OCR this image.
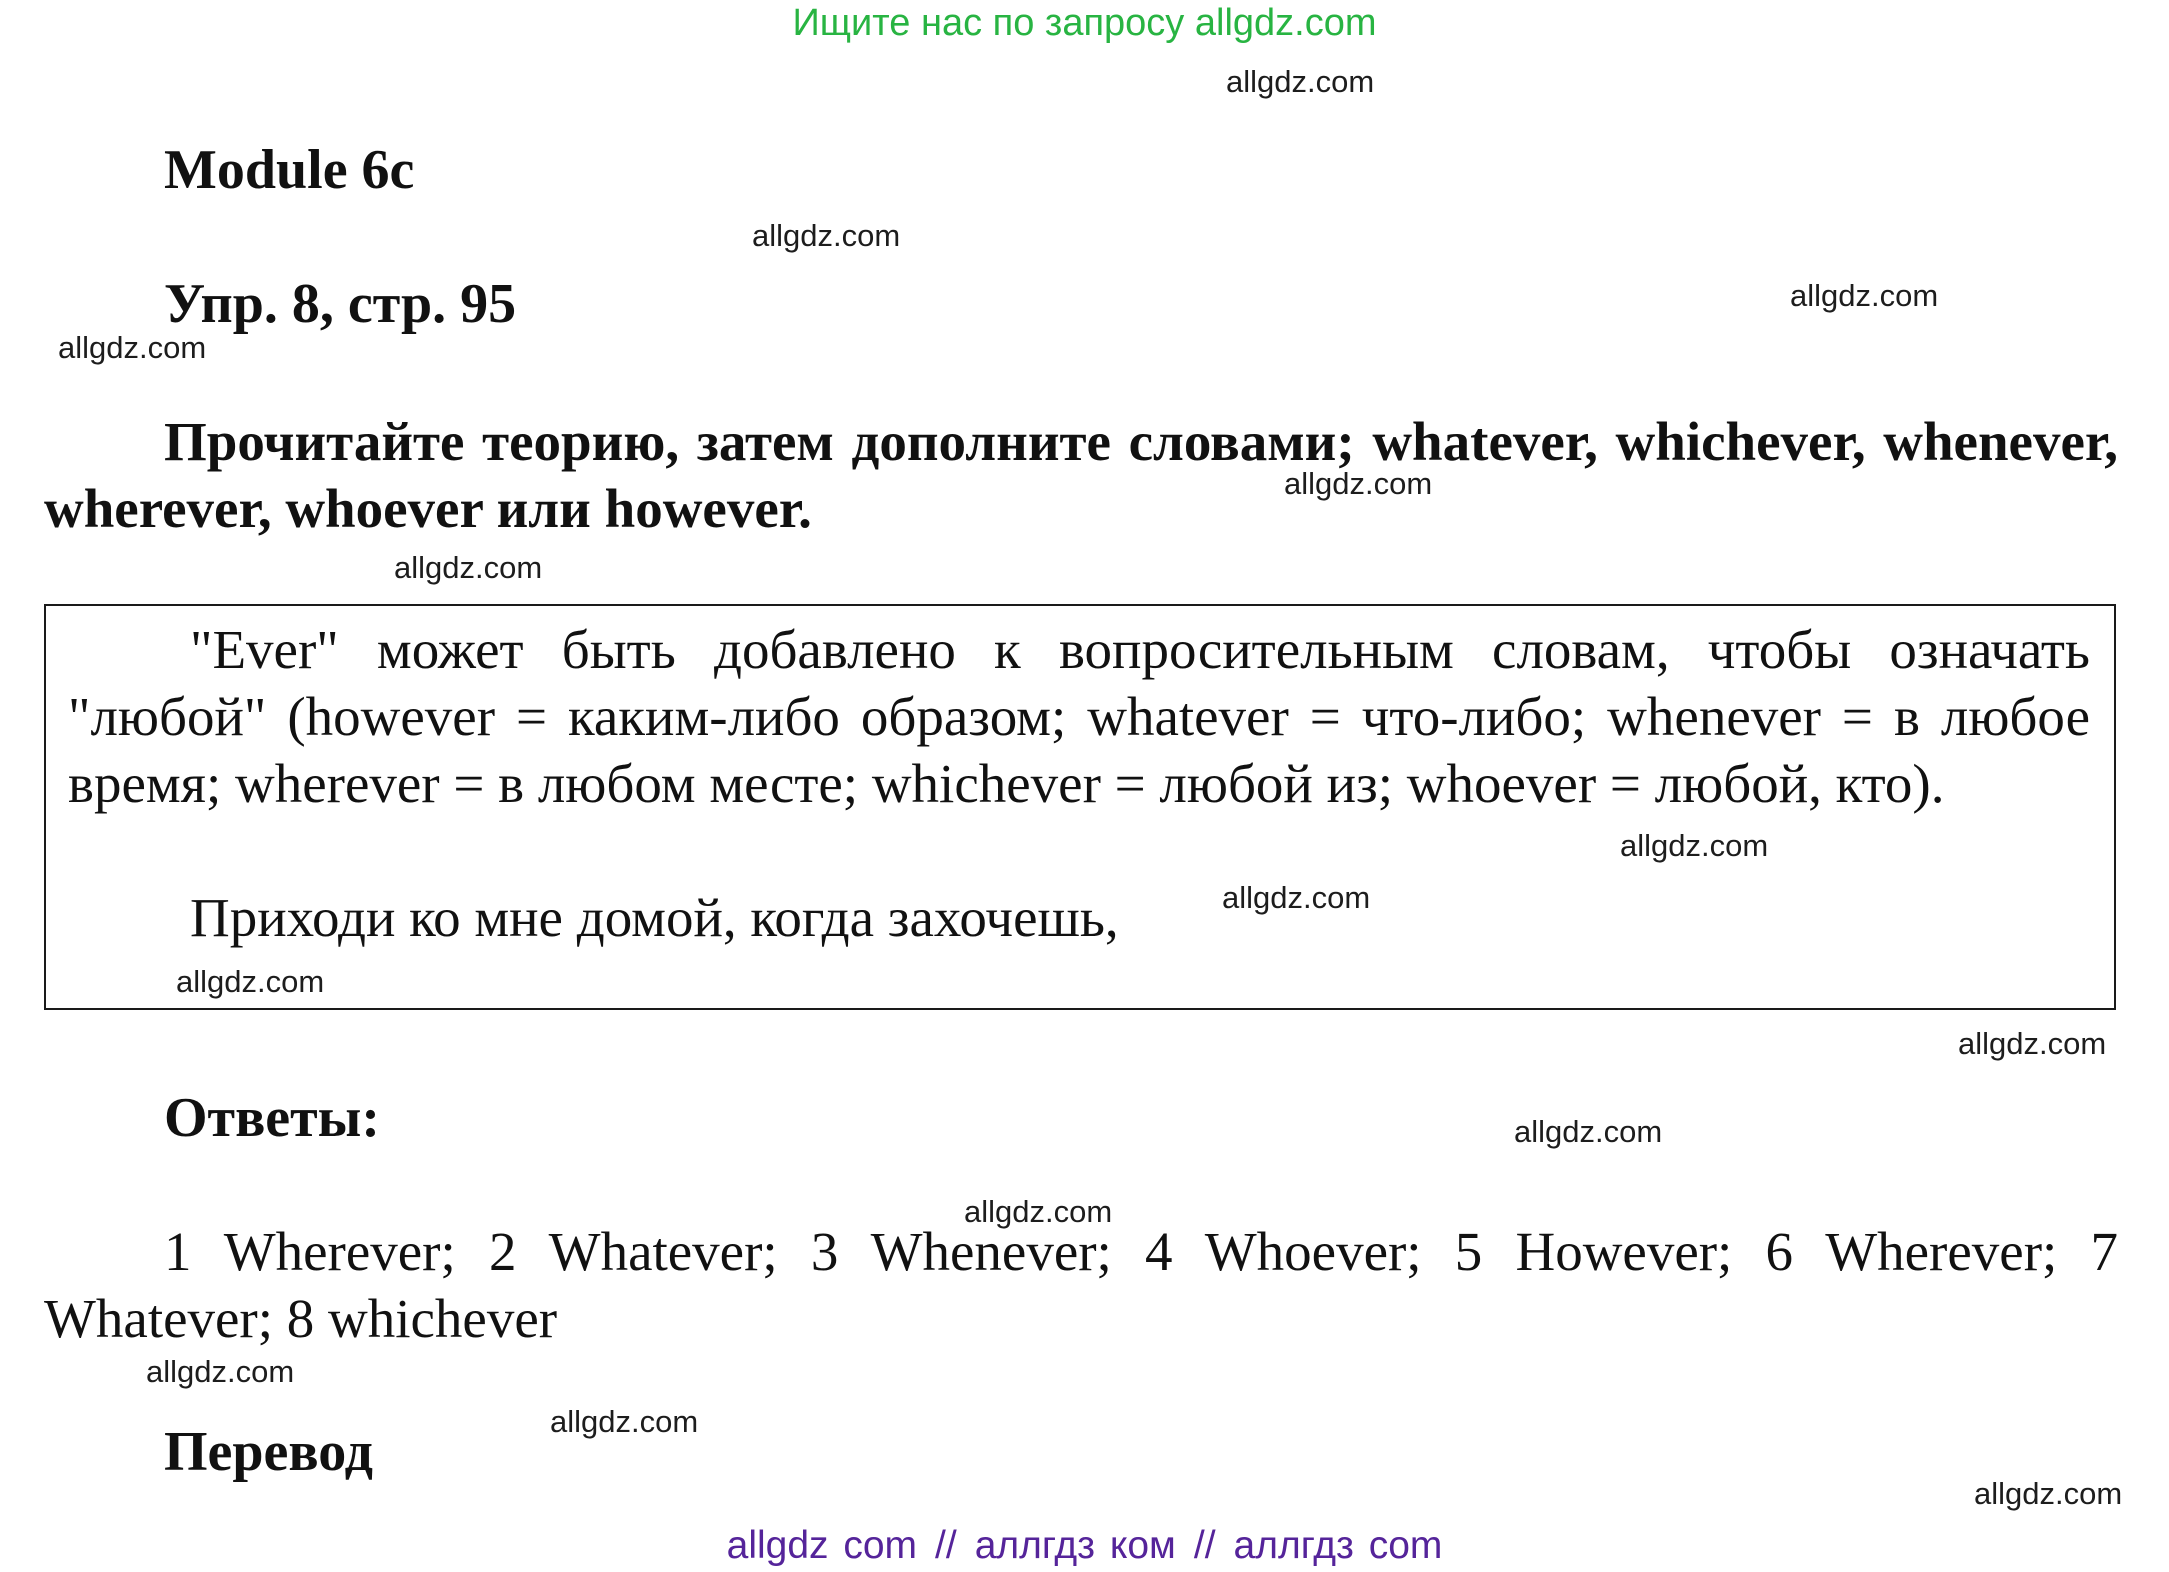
Ищите нас по запросу allgdz.com
Module 6c
Упр. 8, стр. 95
Прочитайте теорию, затем дополните словами; whatever, whichever, whenever, wherever, whoever или however.
"Ever" может быть добавлено к вопросительным словам, чтобы означать "любой" (however = каким-либо образом; whatever = что-либо; whenever = в любое время; wherever = в любом месте; whichever = любой из; whoever = любой, кто).
Приходи ко мне домой, когда захочешь,
Ответы:
1 Wherever; 2 Whatever; 3 Whenever; 4 Whoever; 5 However; 6 Wherever; 7 Whatever; 8 whichever
Перевод
allgdz.com
allgdz.com
allgdz.com
allgdz.com
allgdz.com
allgdz.com
allgdz.com
allgdz.com
allgdz.com
allgdz.com
allgdz.com
allgdz.com
allgdz.com
allgdz.com
allgdz.com
allgdz com // аллгдз ком // аллгдз com
